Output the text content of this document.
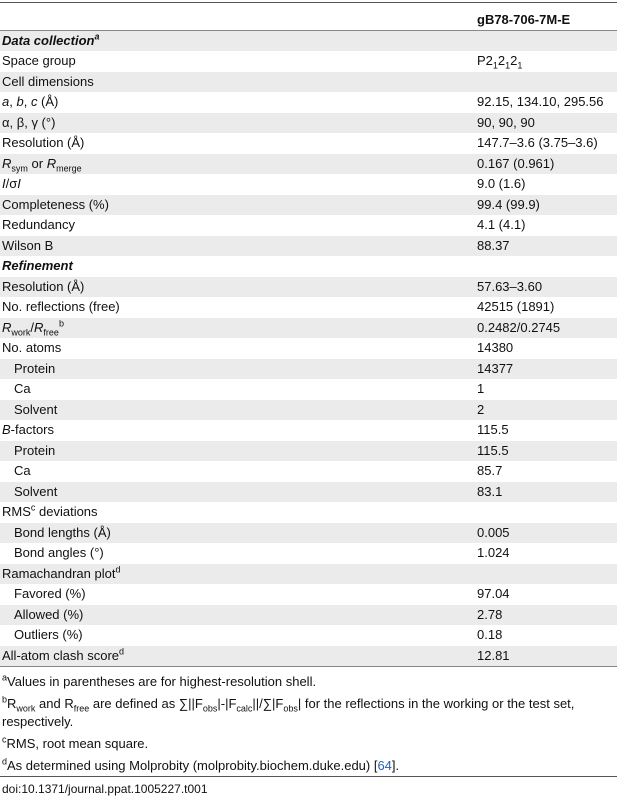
	gB78-706-7M-E
Data collection$^a$	
Space group	$P2_12_12_1$
Cell dimensions	
a, b, c (Å)	92.15, 134.10, 295.56
α, β, γ (°)	90, 90, 90
Resolution (Å)	147.7–3.6 (3.75–3.6)
$R_{sym}$ or $R_{merge}$	0.167 (0.961)
I/σI	9.0 (1.6)
Completeness (%)	99.4 (99.9)
Redundancy	4.1 (4.1)
Wilson B	88.37
Refinement	
Resolution (Å)	57.63–3.60
No. reflections (free)	42515 (1891)
$R_{work}/R_{free}^b$	0.2482/0.2745
No. atoms	14380
Protein	14377
Ca	1
Solvent	2
B-factors	115.5
Protein	115.5
Ca	85.7
Solvent	83.1
RMS$^c$ deviations	
Bond lengths (Å)	0.005
Bond angles (°)	1.024
Ramachandran plot$^d$	
Favored (%)	97.04
Allowed (%)	2.78
Outliers (%)	0.18
All-atom clash score$^d$	12.81
$^a$Values in parentheses are for highest-resolution shell.
$^bR_{work}$ and $R_{free}$ are defined as $\sum||F_{obs}|-|F_{calc}||/\sum|F_{obs}|$ for the reflections in the working or the test set, respectively.
$^c$RMS, root mean square.
$^d$As determined using Molprobity (molprobity.biochem.duke.edu) [64].
doi:10.1371/journal.ppat.1005227.t001
